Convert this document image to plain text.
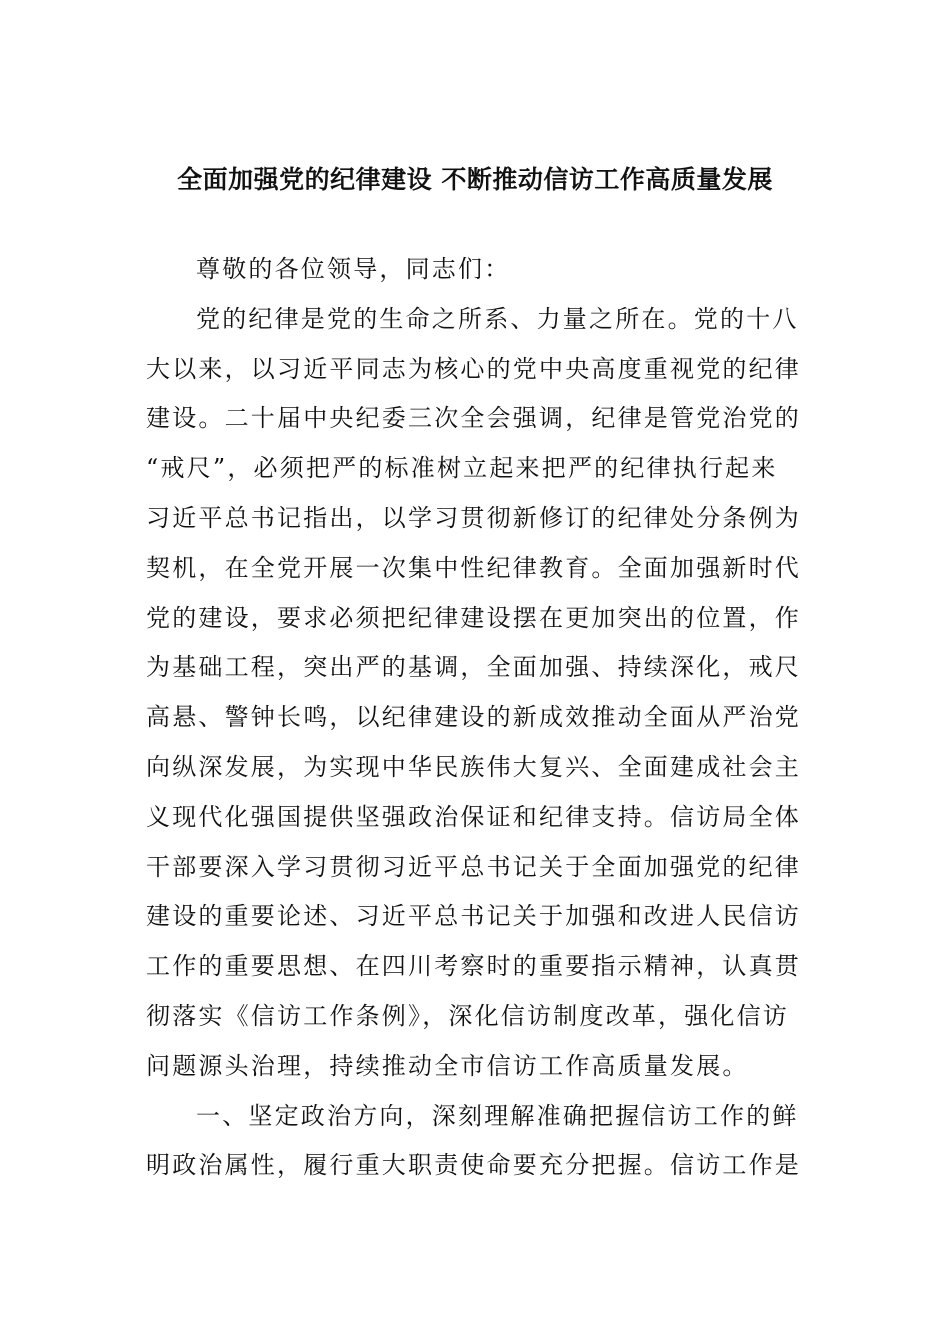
全面加强党的纪律建设 不断推动信访工作高质量发展
尊敬的各位领导，同志们：
党的纪律是党的生命之所系、力量之所在。党的十八
大以来，以习近平同志为核心的党中央高度重视党的纪律
建设。二十届中央纪委三次全会强调，纪律是管党治党的
“戒尺”，必须把严的标准树立起来把严的纪律执行起来
习近平总书记指出，以学习贯彻新修订的纪律处分条例为
契机，在全党开展一次集中性纪律教育。全面加强新时代
党的建设，要求必须把纪律建设摆在更加突出的位置，作
为基础工程，突出严的基调，全面加强、持续深化，戒尺
高悬、警钟长鸣，以纪律建设的新成效推动全面从严治党
向纵深发展，为实现中华民族伟大复兴、全面建成社会主
义现代化强国提供坚强政治保证和纪律支持。信访局全体
干部要深入学习贯彻习近平总书记关于全面加强党的纪律
建设的重要论述、习近平总书记关于加强和改进人民信访
工作的重要思想、在四川考察时的重要指示精神，认真贯
彻落实《信访工作条例》，深化信访制度改革，强化信访
问题源头治理，持续推动全市信访工作高质量发展。
一、坚定政治方向，深刻理解准确把握信访工作的鲜
明政治属性，履行重大职责使命要充分把握。信访工作是
